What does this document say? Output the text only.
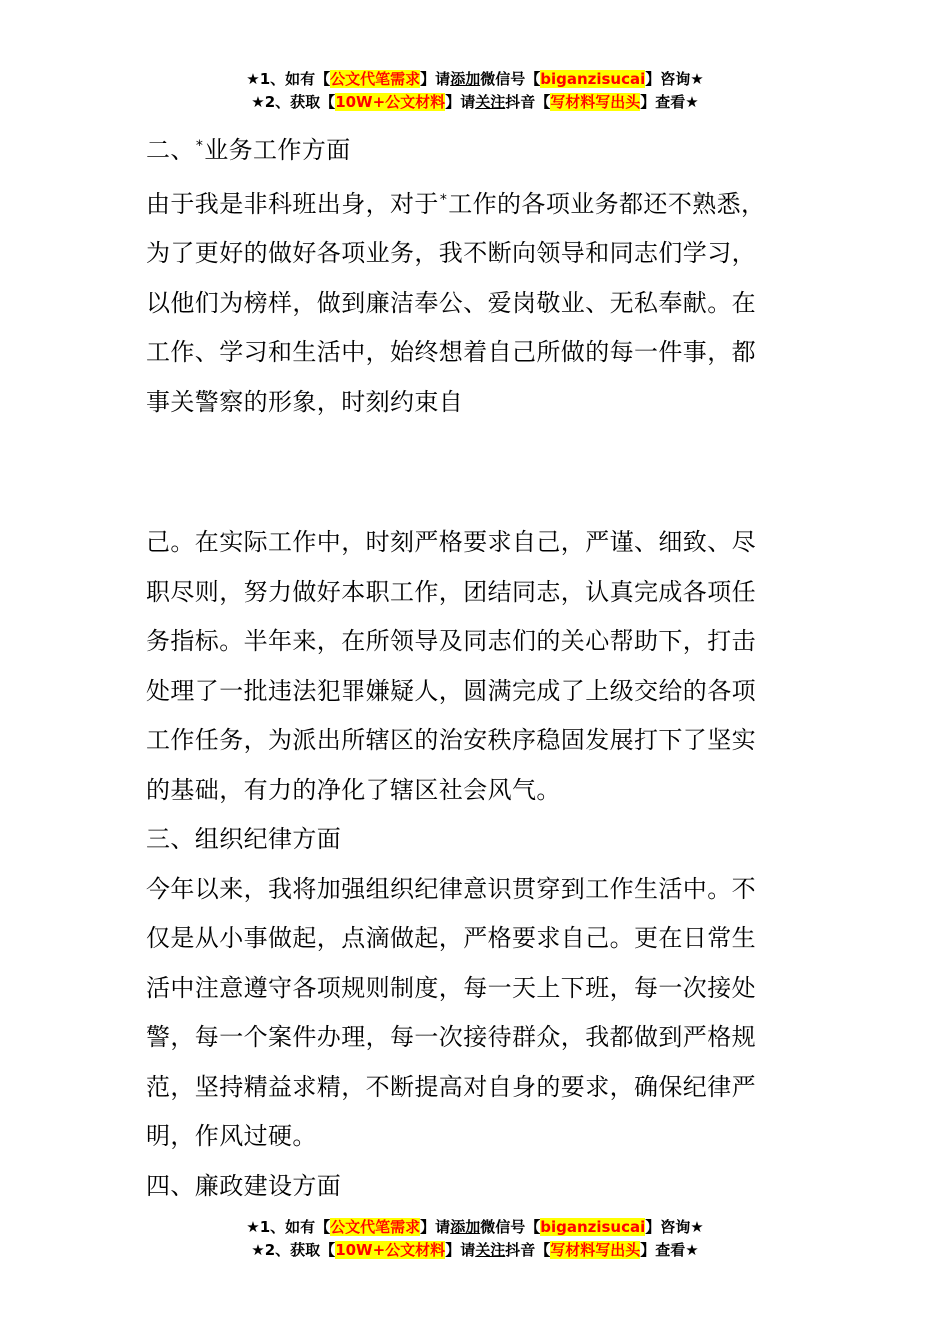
★1、如有【公文代笔需求】请添加微信号【biganzisucai】咨询★
★2、获取【10W+公文材料】请关注抖音【写材料写出头】查看★

二、*业务工作方面

由于我是非科班出身，对于*工作的各项业务都还不熟悉，

为了更好的做好各项业务，我不断向领导和同志们学习，

以他们为榜样，做到廉洁奉公、爱岗敬业、无私奉献。在

工作、学习和生活中，始终想着自己所做的每一件事，都

事关警察的形象，时刻约束自

己。在实际工作中，时刻严格要求自己，严谨、细致、尽

职尽则，努力做好本职工作，团结同志，认真完成各项任

务指标。半年来，在所领导及同志们的关心帮助下，打击

处理了一批违法犯罪嫌疑人，圆满完成了上级交给的各项

工作任务，为派出所辖区的治安秩序稳固发展打下了坚实

的基础，有力的净化了辖区社会风气。

三、组织纪律方面

今年以来，我将加强组织纪律意识贯穿到工作生活中。不

仅是从小事做起，点滴做起，严格要求自己。更在日常生

活中注意遵守各项规则制度，每一天上下班，每一次接处

警，每一个案件办理，每一次接待群众，我都做到严格规

范，坚持精益求精，不断提高对自身的要求，确保纪律严

明，作风过硬。

四、廉政建设方面

★1、如有【公文代笔需求】请添加微信号【biganzisucai】咨询★
★2、获取【10W+公文材料】请关注抖音【写材料写出头】查看★
